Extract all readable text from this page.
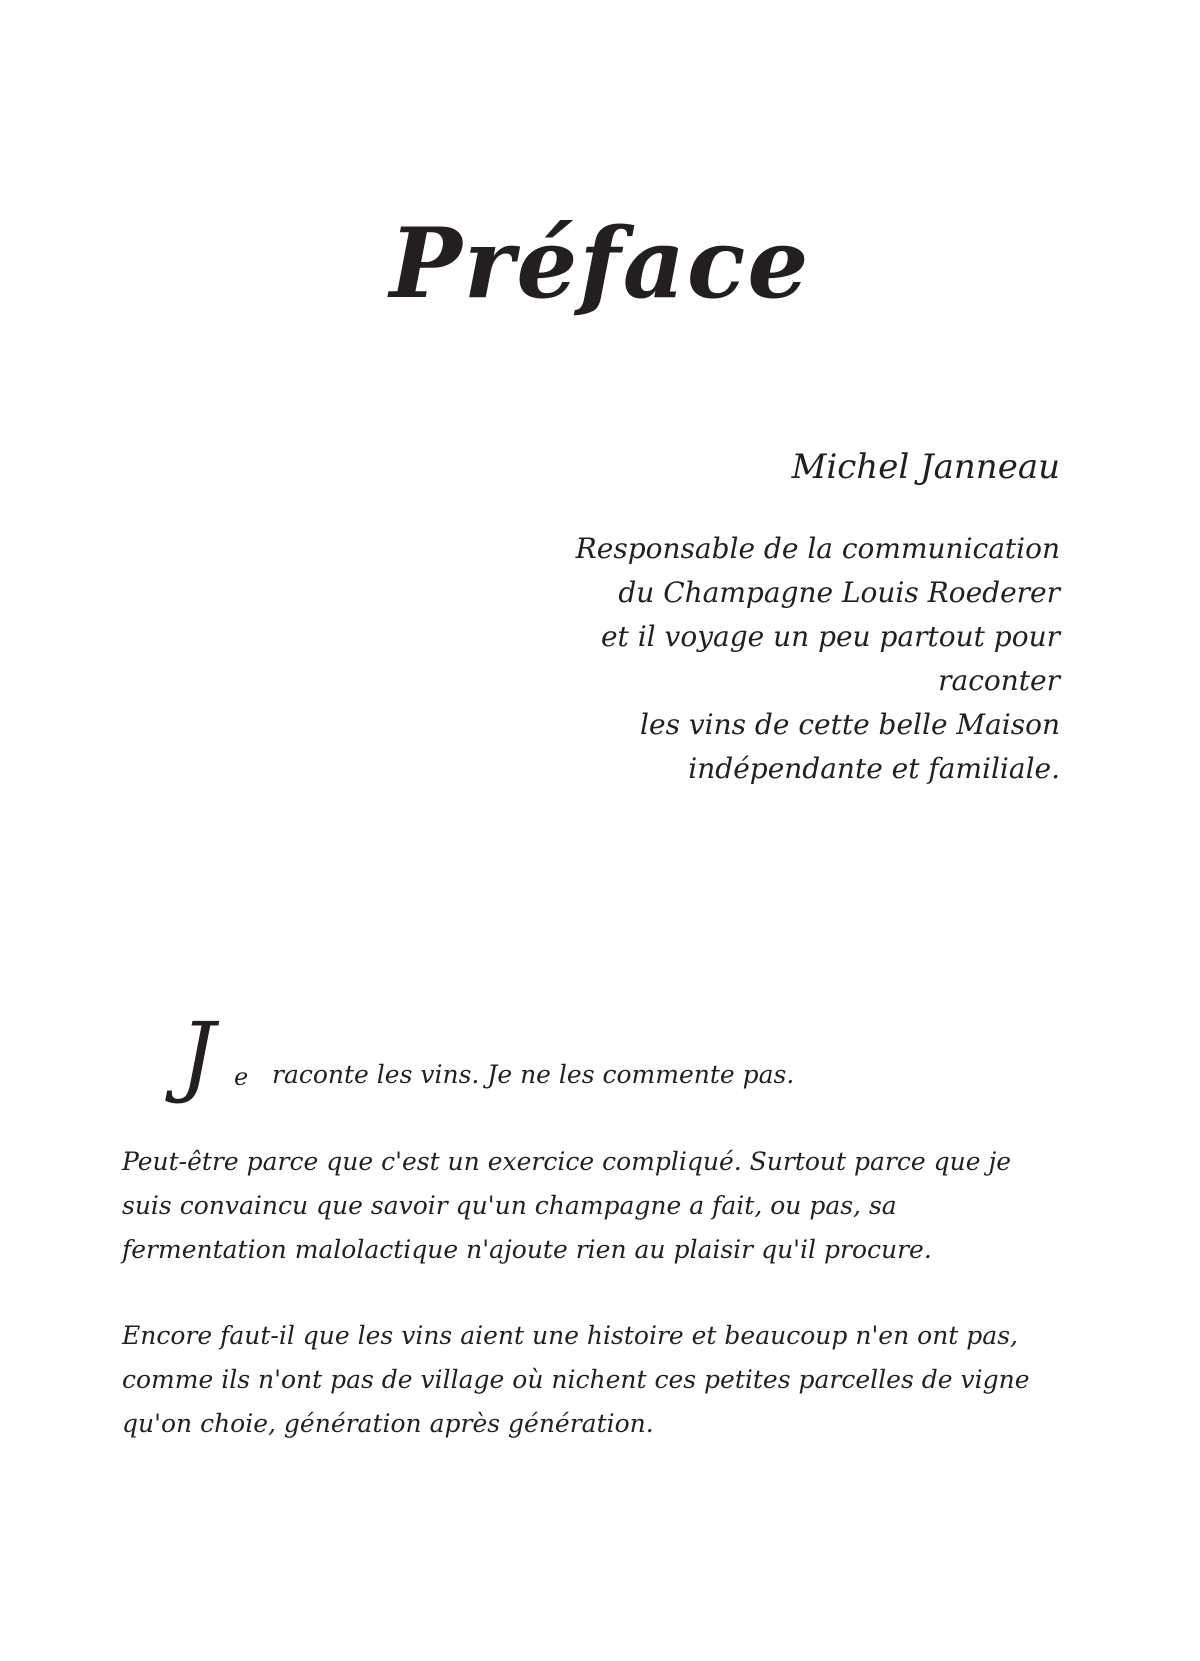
Préface

Michel Janneau

Responsable de la communication
du Champagne Louis Roederer
et il voyage un peu partout pour raconter
les vins de cette belle Maison
indépendante et familiale.

J e raconte les vins. Je ne les commente pas.

Peut-être parce que c'est un exercice compliqué. Surtout parce que je suis convaincu que savoir qu'un champagne a fait, ou pas, sa fermentation malolactique n'ajoute rien au plaisir qu'il procure.

Encore faut-il que les vins aient une histoire et beaucoup n'en ont pas, comme ils n'ont pas de village où nichent ces petites parcelles de vigne qu'on choie, génération après génération.
